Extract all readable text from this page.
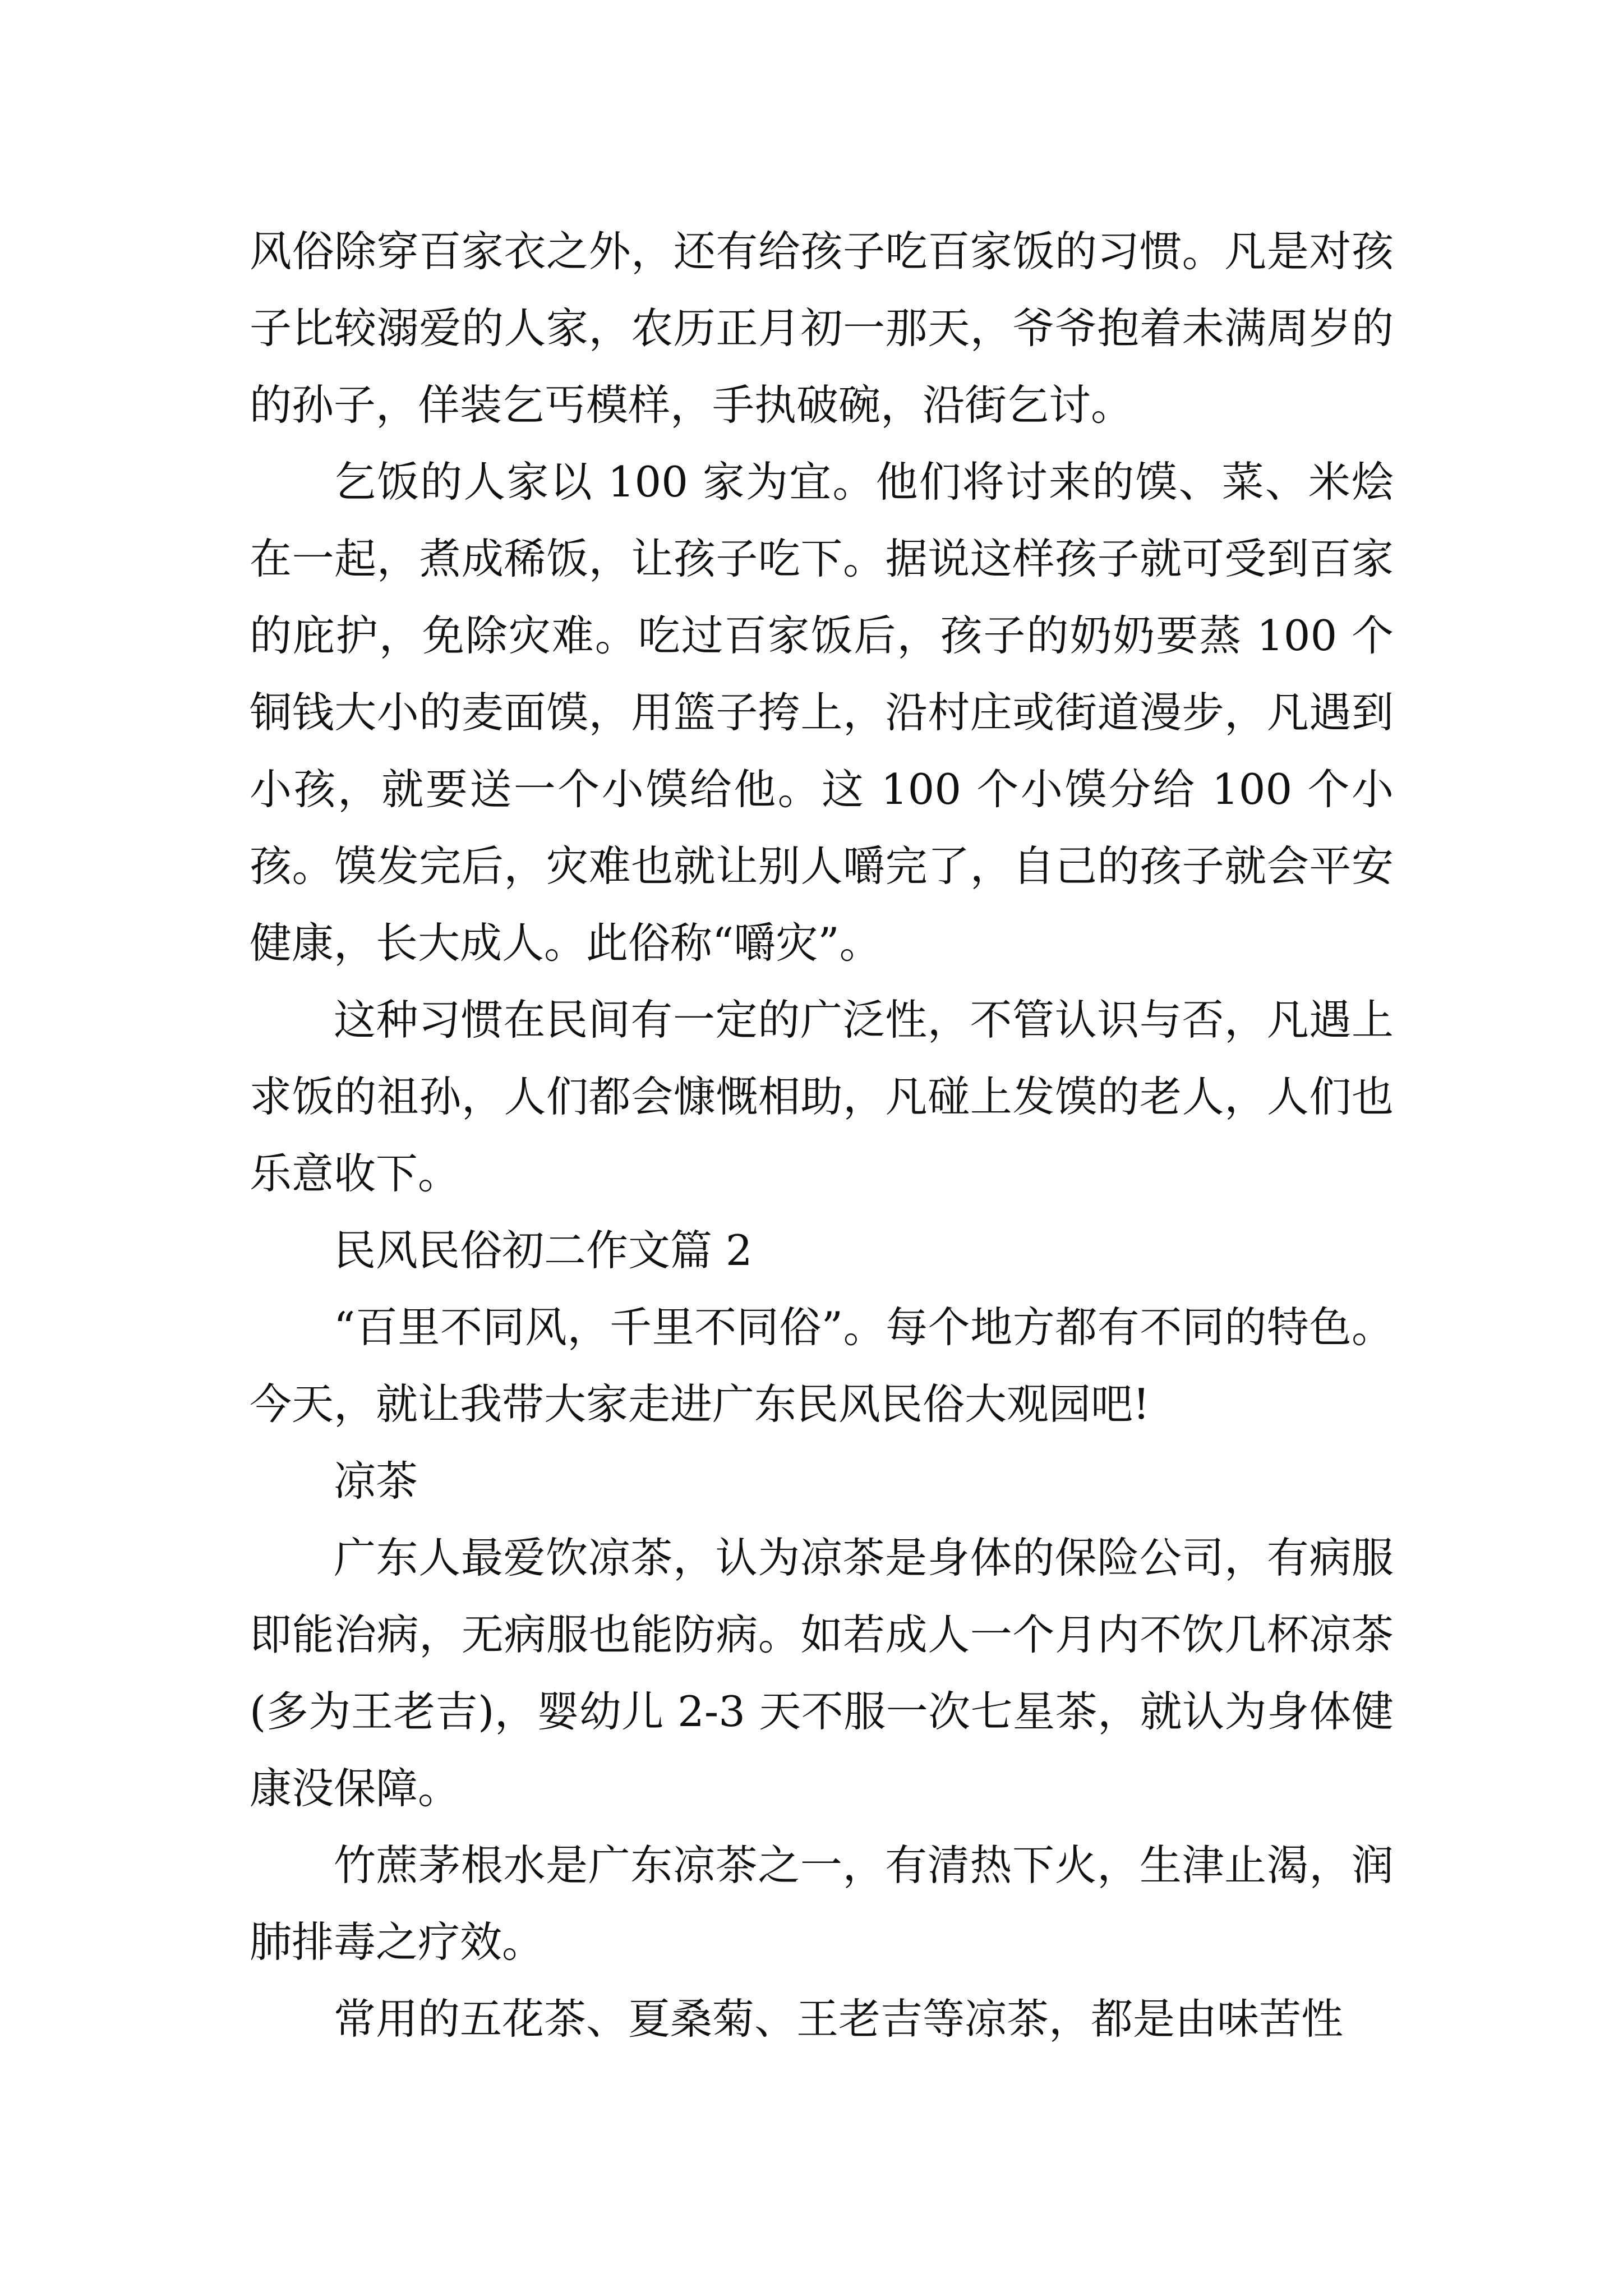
风俗除穿百家衣之外，还有给孩子吃百家饭的习惯。凡是对孩子比较溺爱的人家，农历正月初一那天，爷爷抱着未满周岁的的孙子，佯装乞丐模样，手执破碗，沿街乞讨。

乞饭的人家以 100 家为宜。他们将讨来的馍、菜、米烩在一起，煮成稀饭，让孩子吃下。据说这样孩子就可受到百家的庇护，免除灾难。吃过百家饭后，孩子的奶奶要蒸 100 个铜钱大小的麦面馍，用篮子挎上，沿村庄或街道漫步，凡遇到小孩，就要送一个小馍给他。这 100 个小馍分给 100 个小孩。馍发完后，灾难也就让别人嚼完了，自己的孩子就会平安健康，长大成人。此俗称“嚼灾”。

这种习惯在民间有一定的广泛性，不管认识与否，凡遇上求饭的祖孙，人们都会慷慨相助，凡碰上发馍的老人，人们也乐意收下。

民风民俗初二作文篇 2

“百里不同风，千里不同俗”。每个地方都有不同的特色。今天，就让我带大家走进广东民风民俗大观园吧!

凉茶

广东人最爱饮凉茶，认为凉茶是身体的保险公司，有病服即能治病，无病服也能防病。如若成人一个月内不饮几杯凉茶(多为王老吉)，婴幼儿 2-3 天不服一次七星茶，就认为身体健康没保障。

竹蔗茅根水是广东凉茶之一，有清热下火，生津止渴，润肺排毒之疗效。

常用的五花茶、夏桑菊、王老吉等凉茶，都是由味苦性
